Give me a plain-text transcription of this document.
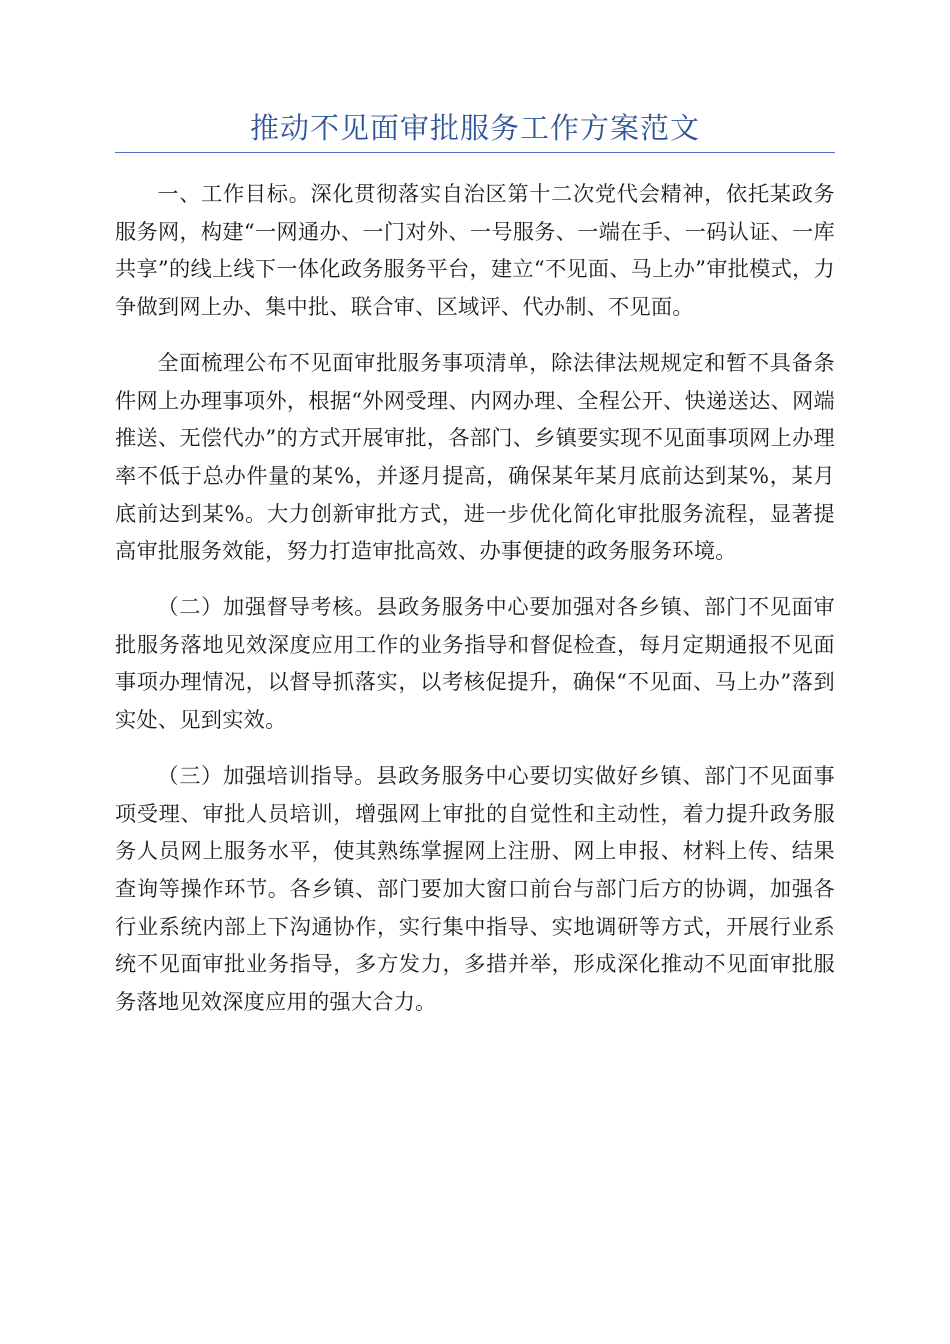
推动不见面审批服务工作方案范文

一、工作目标。深化贯彻落实自治区第十二次党代会精神，依托某政务服务网，构建“一网通办、一门对外、一号服务、一端在手、一码认证、一库共享”的线上线下一体化政务服务平台，建立“不见面、马上办”审批模式，力争做到网上办、集中批、联合审、区域评、代办制、不见面。

全面梳理公布不见面审批服务事项清单，除法律法规规定和暂不具备条件网上办理事项外，根据“外网受理、内网办理、全程公开、快递送达、网端推送、无偿代办”的方式开展审批，各部门、乡镇要实现不见面事项网上办理率不低于总办件量的某%，并逐月提高，确保某年某月底前达到某%，某月底前达到某%。大力创新审批方式，进一步优化简化审批服务流程，显著提高审批服务效能，努力打造审批高效、办事便捷的政务服务环境。

（二）加强督导考核。县政务服务中心要加强对各乡镇、部门不见面审批服务落地见效深度应用工作的业务指导和督促检查，每月定期通报不见面事项办理情况，以督导抓落实，以考核促提升，确保“不见面、马上办”落到实处、见到实效。

（三）加强培训指导。县政务服务中心要切实做好乡镇、部门不见面事项受理、审批人员培训，增强网上审批的自觉性和主动性，着力提升政务服务人员网上服务水平，使其熟练掌握网上注册、网上申报、材料上传、结果查询等操作环节。各乡镇、部门要加大窗口前台与部门后方的协调，加强各行业系统内部上下沟通协作，实行集中指导、实地调研等方式，开展行业系统不见面审批业务指导，多方发力，多措并举，形成深化推动不见面审批服务落地见效深度应用的强大合力。
